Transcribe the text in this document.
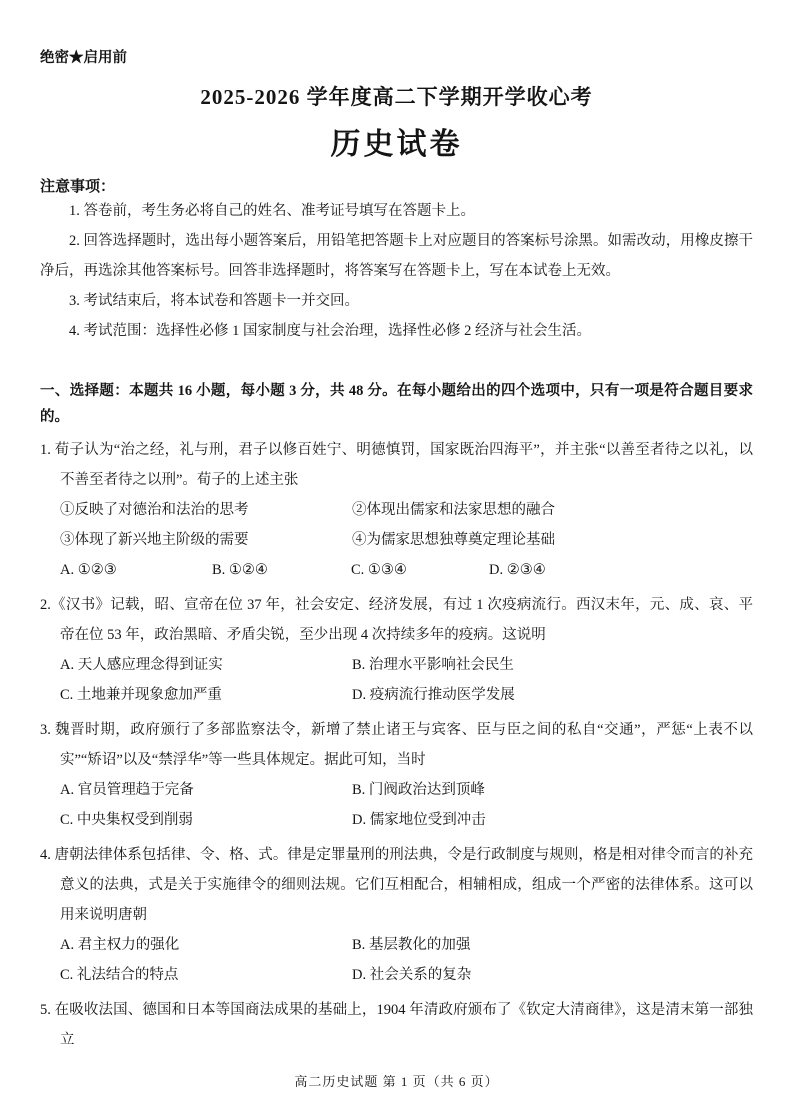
绝密★启用前
2025-2026 学年度高二下学期开学收心考
历史试卷
注意事项：

1. 答卷前，考生务必将自己的姓名、准考证号填写在答题卡上。

2. 回答选择题时，选出每小题答案后，用铅笔把答题卡上对应题目的答案标号涂黑。如需改动，用橡皮擦干净后，再选涂其他答案标号。回答非选择题时，将答案写在答题卡上，写在本试卷上无效。

3. 考试结束后，将本试卷和答题卡一并交回。

4. 考试范围：选择性必修 1 国家制度与社会治理，选择性必修 2 经济与社会生活。

一、选择题：本题共 16 小题，每小题 3 分，共 48 分。在每小题给出的四个选项中，只有一项是符合题目要求的。

1. 荀子认为“治之经，礼与刑，君子以修百姓宁、明德慎罚，国家既治四海平”，并主张“以善至者待之以礼，以不善至者待之以刑”。荀子的上述主张

①反映了对德治和法治的思考	②体现出儒家和法家思想的融合
③体现了新兴地主阶级的需要	④为儒家思想独尊奠定理论基础
A. ①②③	B. ①②④	C. ①③④	D. ②③④

2.《汉书》记载，昭、宣帝在位 37 年，社会安定、经济发展，有过 1 次疫病流行。西汉末年，元、成、哀、平帝在位 53 年，政治黑暗、矛盾尖锐，至少出现 4 次持续多年的疫病。这说明

A. 天人感应理念得到证实	B. 治理水平影响社会民生
C. 土地兼并现象愈加严重	D. 疫病流行推动医学发展

3. 魏晋时期，政府颁行了多部监察法令，新增了禁止诸王与宾客、臣与臣之间的私自“交通”，严惩“上表不以实”“矫诏”以及“禁浮华”等一些具体规定。据此可知，当时

A. 官员管理趋于完备	B. 门阀政治达到顶峰
C. 中央集权受到削弱	D. 儒家地位受到冲击

4. 唐朝法律体系包括律、令、格、式。律是定罪量刑的刑法典，令是行政制度与规则，格是相对律令而言的补充意义的法典，式是关于实施律令的细则法规。它们互相配合，相辅相成，组成一个严密的法律体系。这可以用来说明唐朝

A. 君主权力的强化	B. 基层教化的加强
C. 礼法结合的特点	D. 社会关系的复杂

5. 在吸收法国、德国和日本等国商法成果的基础上，1904 年清政府颁布了《钦定大清商律》，这是清末第一部独立

高二历史试题 第 1 页（共 6 页）
